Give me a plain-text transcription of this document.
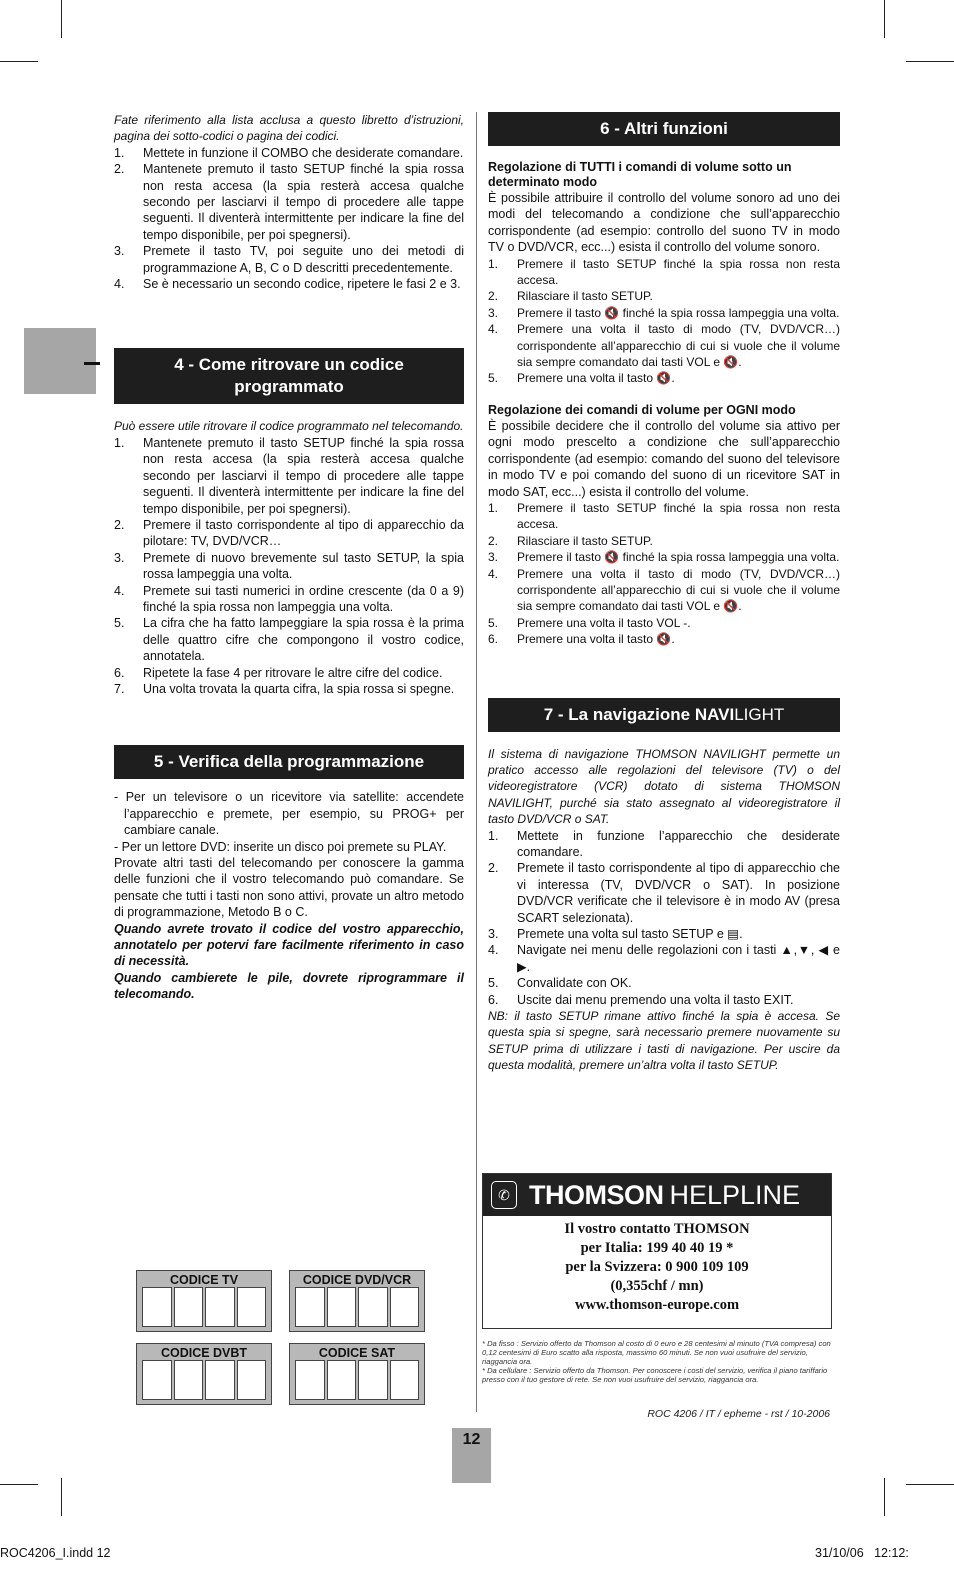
Fate riferimento alla lista acclusa a questo libretto d’istruzioni, pagina dei sotto-codici o pagina dei codici.

1. Mettete in funzione il COMBO che desiderate comandare.
2. Mantenete premuto il tasto SETUP finché la spia rossa non resta accesa (la spia resterà accesa qualche secondo per lasciarvi il tempo di procedere alle tappe seguenti. Il diventerà intermittente per indicare la fine del tempo disponibile, per poi spegnersi).
3. Premete il tasto TV, poi seguite uno dei metodi di programmazione A, B, C o D descritti precedentemente.
4. Se è necessario un secondo codice, ripetere le fasi 2 e 3.
4 - Come ritrovare un codice programmato

Può essere utile ritrovare il codice programmato nel telecomando.

1. Mantenete premuto il tasto SETUP finché la spia rossa non resta accesa (la spia resterà accesa qualche secondo per lasciarvi il tempo di procedere alle tappe seguenti. Il diventerà intermittente per indicare la fine del tempo disponibile, per poi spegnersi).
2. Premere il tasto corrispondente al tipo di apparecchio da pilotare: TV, DVD/VCR…
3. Premete di nuovo brevemente sul tasto SETUP, la spia rossa lampeggia una volta.
4. Premete sui tasti numerici in ordine crescente (da 0 a 9) finché la spia rossa non lampeggia una volta.
5. La cifra che ha fatto lampeggiare la spia rossa è la prima delle quattro cifre che compongono il vostro codice, annotatela.
6. Ripetete la fase 4 per ritrovare le altre cifre del codice.
7. Una volta trovata la quarta cifra, la spia rossa si spegne.
5 - Verifica della programmazione
- Per un televisore o un ricevitore via satellite: accendete l’apparecchio e premete, per esempio, su PROG+ per cambiare canale.
- Per un lettore DVD: inserite un disco poi premete su PLAY.

Provate altri tasti del telecomando per conoscere la gamma delle funzioni che il vostro telecomando può comandare. Se pensate che tutti i tasti non sono attivi, provate un altro metodo di programmazione, Metodo B o C.

Quando avrete trovato il codice del vostro apparecchio, annotatelo per potervi fare facilmente riferimento in caso di necessità.

Quando cambierete le pile, dovrete riprogrammare il telecomando.

CODICE TV	CODICE DVD/VCR
CODICE DVBT	CODICE SAT
6 - Altri funzioni
Regolazione di TUTTI i comandi di volume sotto un determinato modo

È possibile attribuire il controllo del volume sonoro ad uno dei modi del telecomando a condizione che sull’apparecchio corrispondente (ad esempio: controllo del suono TV in modo TV o DVD/VCR, ecc...) esista il controllo del volume sonoro.

1. Premere il tasto SETUP finché la spia rossa non resta accesa.
2. Rilasciare il tasto SETUP.
3. Premere il tasto 🔇 finché la spia rossa lampeggia una volta.
4. Premere una volta il tasto di modo (TV, DVD/VCR…) corrispondente all’apparecchio di cui si vuole che il volume sia sempre comandato dai tasti VOL e 🔇.
5. Premere una volta il tasto 🔇.
Regolazione dei comandi di volume per OGNI modo

È possibile decidere che il controllo del volume sia attivo per ogni modo prescelto a condizione che sull’apparecchio corrispondente (ad esempio: comando del suono del televisore in modo TV e poi comando del suono di un ricevitore SAT in modo SAT, ecc...) esista il controllo del volume.

1. Premere il tasto SETUP finché la spia rossa non resta accesa.
2. Rilasciare il tasto SETUP.
3. Premere il tasto 🔇 finché la spia rossa lampeggia una volta.
4. Premere una volta il tasto di modo (TV, DVD/VCR…) corrispondente all’apparecchio di cui si vuole che il volume sia sempre comandato dai tasti VOL e 🔇.
5. Premere una volta il tasto VOL -.
6. Premere una volta il tasto 🔇.
7 - La navigazione NAVILIGHT

Il sistema di navigazione THOMSON NAVILIGHT permette un pratico accesso alle regolazioni del televisore (TV) o del videoregistratore (VCR) dotato di sistema THOMSON NAVILIGHT, purché sia stato assegnato al videoregistratore il tasto DVD/VCR o SAT.

1. Mettete in funzione l’apparecchio che desiderate comandare.
2. Premete il tasto corrispondente al tipo di apparecchio che vi interessa (TV, DVD/VCR o SAT). In posizione DVD/VCR verificate che il televisore è in modo AV (presa SCART selezionata).
3. Premete una volta sul tasto SETUP e ▤.
4. Navigate nei menu delle regolazioni con i tasti ▲,▼, ◀ e ▶.
5. Convalidate con OK.
6. Uscite dai menu premendo una volta il tasto EXIT.

NB: il tasto SETUP rimane attivo finché la spia è accesa. Se questa spia si spegne, sarà necessario premere nuovamente su SETUP prima di utilizzare i tasti di navigazione. Per uscire da questa modalità, premere un’altra volta il tasto SETUP.

✆ THOMSON HELPLINE
Il vostro contatto THOMSON
per Italia: 199 40 40 19 *
per la Svizzera: 0 900 109 109
(0,355chf / mn)
www.thomson-europe.com
* Da fisso : Servizio offerto da Thomson al costo di 0 euro e 28 centesimi al minuto (TVA compresa) con 0,12 centesimi di Euro scatto alla risposta, massimo 60 minuti. Se non vuoi usufruire del servizio, riaggancia ora.
* Da cellulare : Servizio offerto da Thomson. Per conoscere i costi del servizio, verifica il piano tariffario presso con il tuo gestore di rete. Se non vuoi usufruire del servizio, riaggancia ora.
ROC 4206 / IT / epheme - rst / 10-2006
12
ROC4206_I.indd 12	31/10/06   12:12:
